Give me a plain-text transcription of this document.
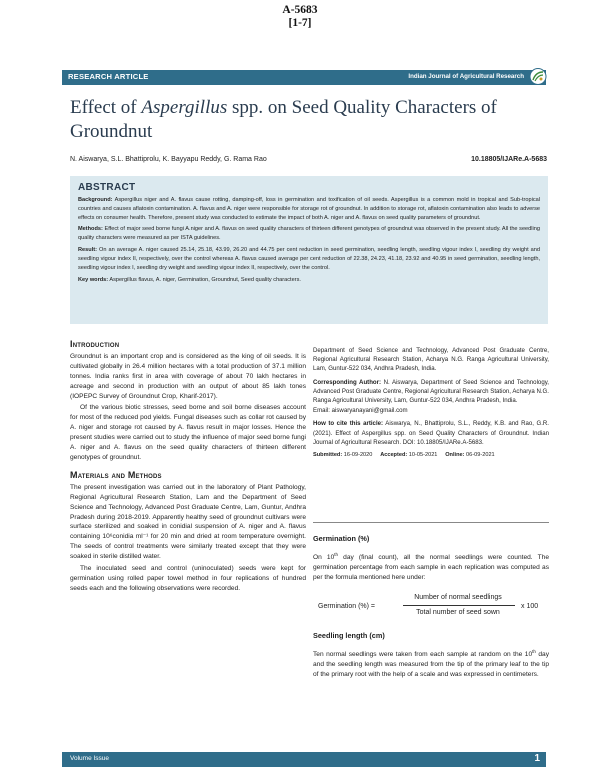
A-5683
[1-7]
RESEARCH ARTICLE	Indian Journal of Agricultural Research
Effect of Aspergillus spp. on Seed Quality Characters of Groundnut
N. Aiswarya, S.L. Bhattiprolu, K. Bayyapu Reddy, G. Rama Rao	10.18805/IJARe.A-5683
ABSTRACT

Background: Aspergillus niger and A. flavus cause rotting, damping-off, loss in germination and toxification of oil seeds. Aspergillus is a common mold in tropical and Sub-tropical countries and causes aflatoxin contamination. A. flavus and A. niger were responsible for storage rot of groundnut. In addition to storage rot, aflatoxin contamination also leads to adverse effects on consumer health. Therefore, present study was conducted to estimate the impact of both A. niger and A. flavus on seed quality parameters of groundnut.

Methods: Effect of major seed borne fungi A.niger and A. flavus on seed quality characters of thirteen different genotypes of groundnut was observed in the present study. All the seedling quality characters were measured as per ISTA guidelines.

Result: On an average A. niger caused 25.14, 25.18, 43.99, 26.20 and 44.75 per cent reduction in seed germination, seedling length, seedling vigour index I, seedling dry weight and seedling vigour index II, respectively, over the control whereas A. flavus caused average per cent reduction of 22.38, 24.23, 41.18, 23.92 and 40.95 in seed germination, seedling length, seedling vigour index I, seedling dry weight and seedling vigour index II, respectively, over the control.

Key words: Aspergillus flavus, A. niger, Germination, Groundnut, Seed quality characters.

Introduction

Groundnut is an important crop and is considered as the king of oil seeds. It is cultivated globally in 26.4 million hectares with a total production of 37.1 million tonnes. India ranks first in area with coverage of about 70 lakh hectares in acreage and second in production with an output of about 85 lakh tones (IOPEPC Survey of Groundnut Crop, Kharif-2017).

Of the various biotic stresses, seed borne and soil borne diseases account for most of the reduced pod yields. Fungal diseases such as collar rot caused by A. niger and storage rot caused by A. flavus result in major losses. Hence the present studies were carried out to study the influence of major seed borne fungi A. niger and A. flavus on the seed quality characters of thirteen different genotypes of groundnut.

Materials and Methods

The present investigation was carried out in the laboratory of Plant Pathology, Regional Agricultural Research Station, Lam and the Department of Seed Science and Technology, Advanced Post Graduate Centre, Lam, Guntur, Andhra Pradesh during 2018-2019. Apparently healthy seed of groundnut cultivars were surface sterilized and soaked in conidial suspension of A. niger and A. flavus containing 10⁶conidia ml⁻¹ for 20 min and dried at room temperature overnight. The seeds of control treatments were similarly treated except that they were soaked in sterile distilled water.

The inoculated seed and control (uninoculated) seeds were kept for germination using rolled paper towel method in four replications of hundred seeds each and the following observations were recorded.

Department of Seed Science and Technology, Advanced Post Graduate Centre, Regional Agricultural Research Station, Acharya N.G. Ranga Agricultural University, Lam, Guntur-522 034, Andhra Pradesh, India.

Corresponding Author: N. Aiswarya, Department of Seed Science and Technology, Advanced Post Graduate Centre, Regional Agricultural Research Station, Acharya N.G. Ranga Agricultural University, Lam, Guntur-522 034, Andhra Pradesh, India.

Email: aiswaryanayani@gmail.com

How to cite this article: Aiswarya, N., Bhattiprolu, S.L., Reddy, K.B. and Rao, G.R. (2021). Effect of Aspergillus spp. on Seed Quality Characters of Groundnut. Indian Journal of Agricultural Research. DOI: 10.18805/IJARe.A-5683.

Submitted: 16-09-2020 Accepted: 10-05-2021 Online: 06-09-2021

Germination (%)

On 10th day (final count), all the normal seedlings were counted. The germination percentage from each sample in each replication was computed as per the formula mentioned here under:

Germination (%) =
Number of normal seedlings
Total number of seed sown
x 100
Seedling length (cm)

Ten normal seedlings were taken from each sample at random on the 10th day and the seedling length was measured from the tip of the primary leaf to the tip of the primary root with the help of a scale and was expressed in centimeters.

Volume Issue	1
